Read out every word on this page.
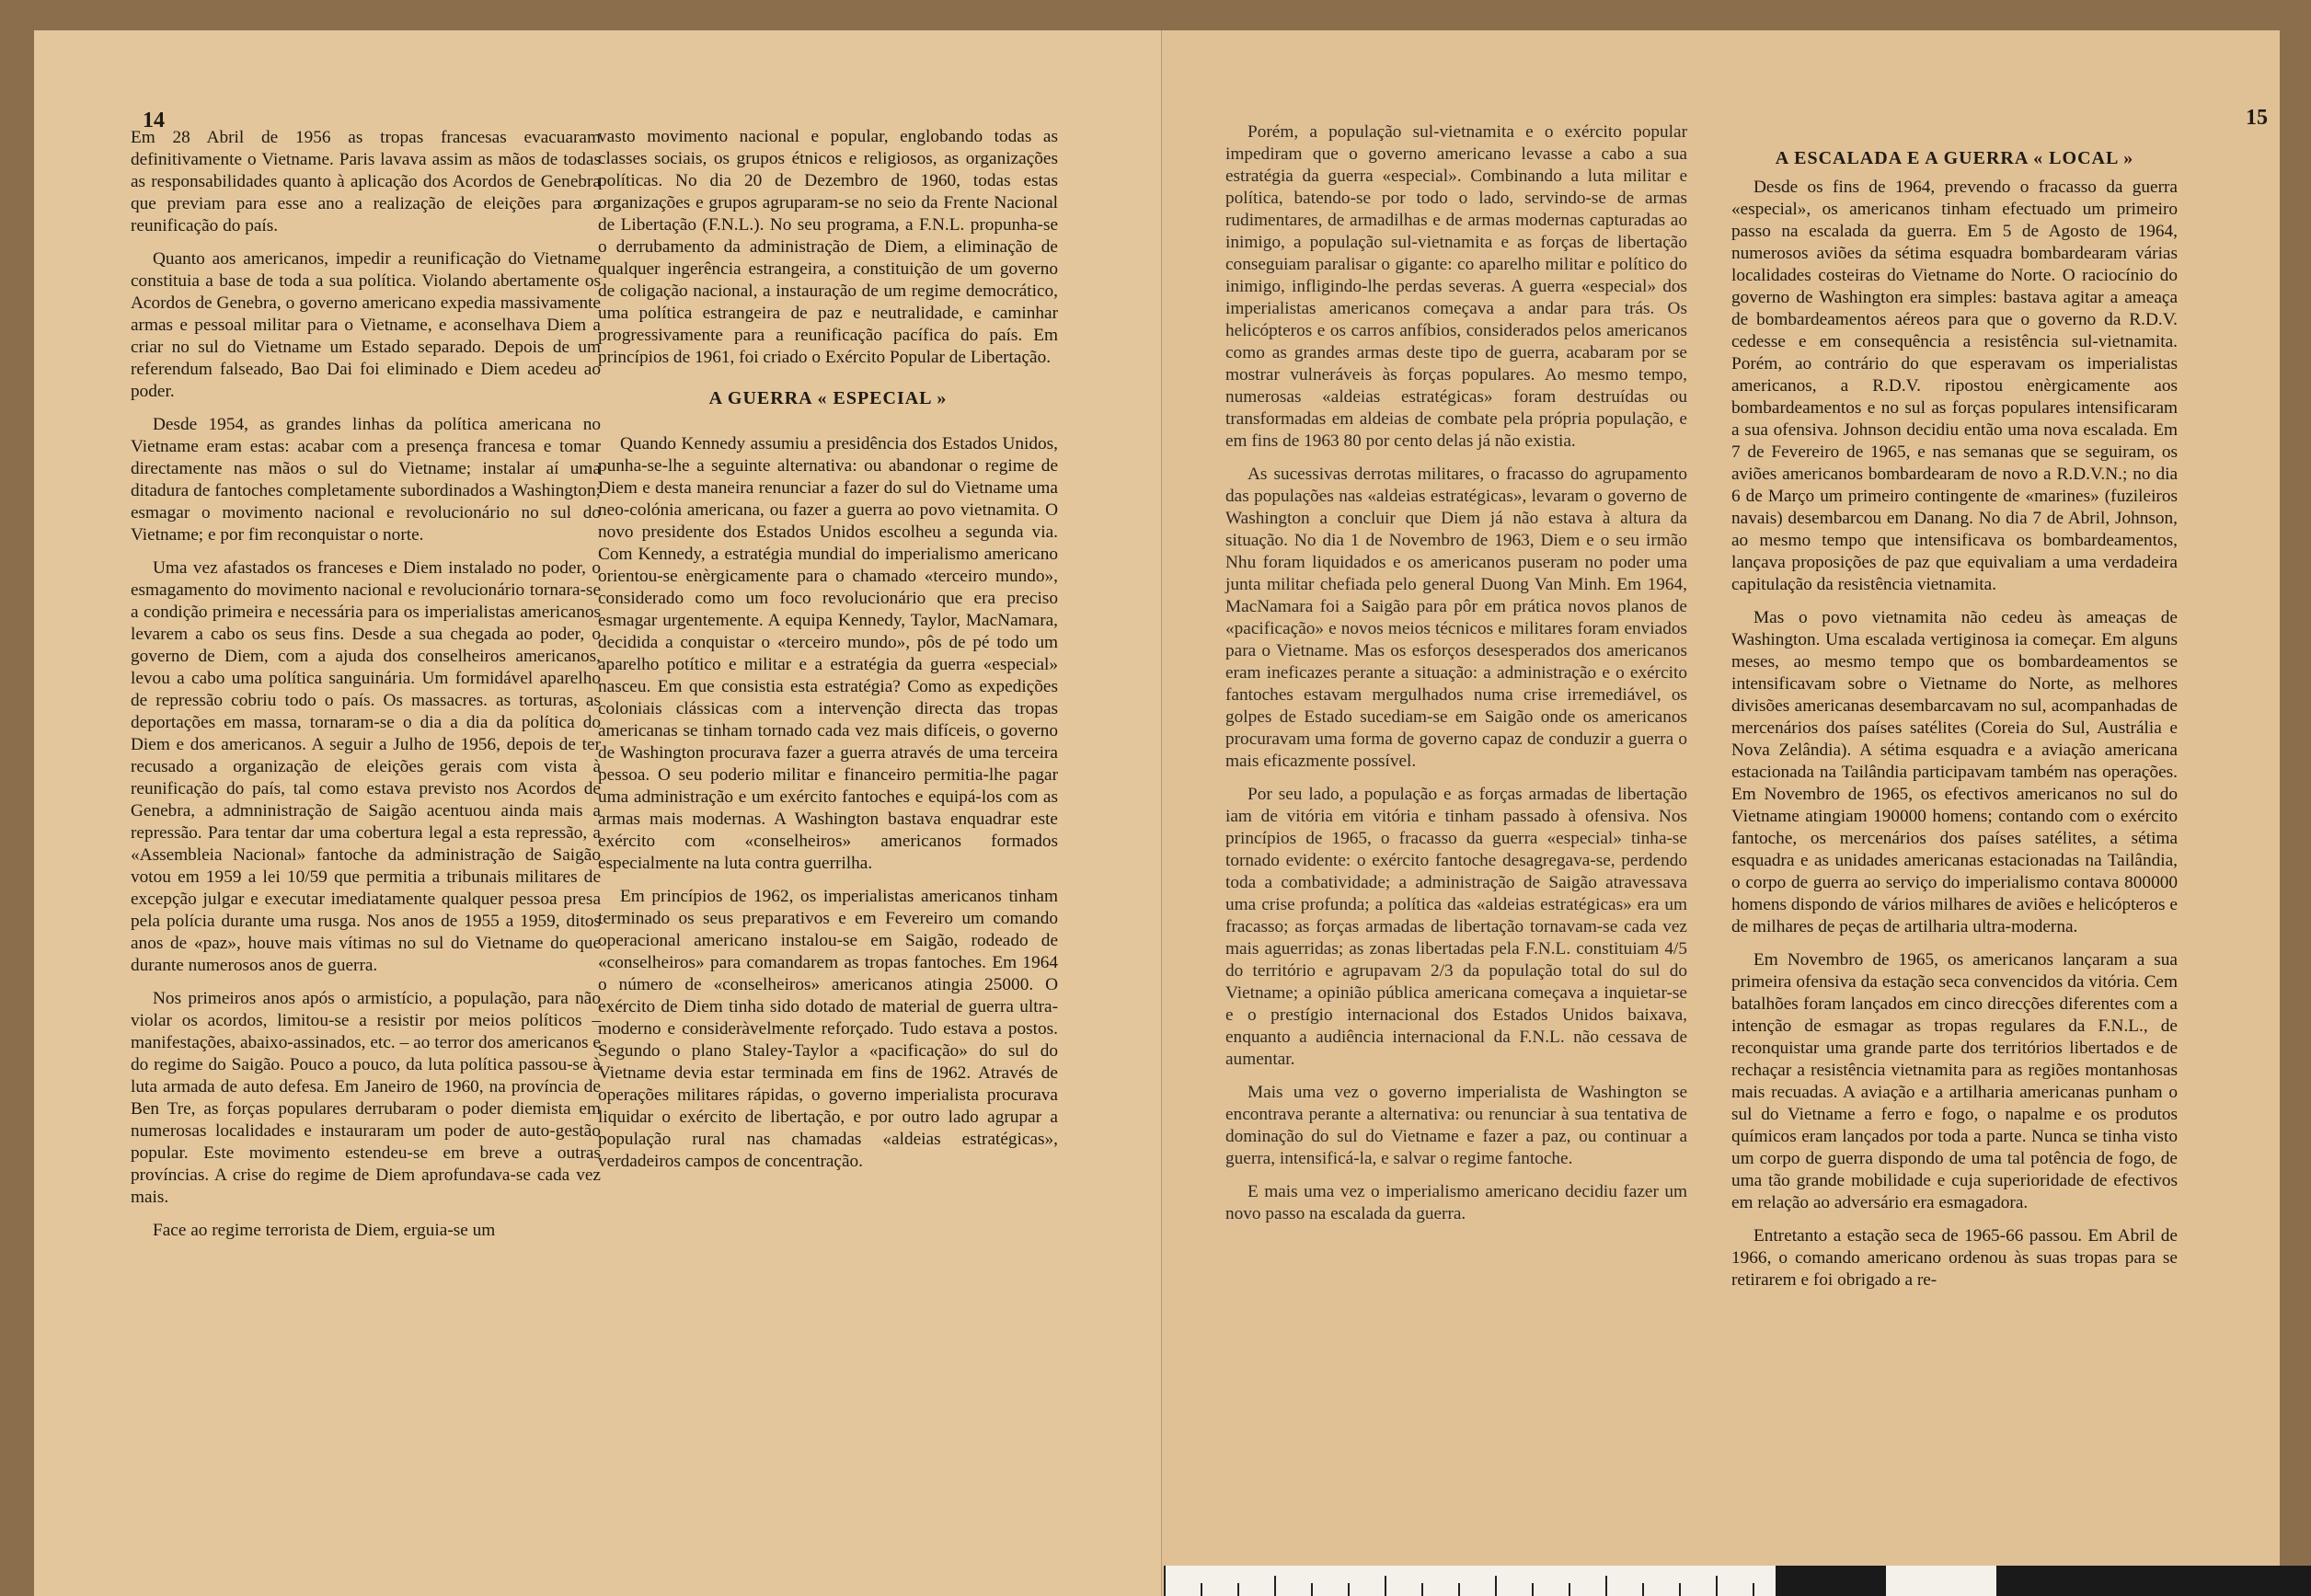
14	15

Em 28 Abril de 1956 as tropas francesas evacuaram definitivamente o Vietname. Paris lavava assim as mãos de todas as responsabilidades quanto à aplicação dos Acordos de Genebra que previam para esse ano a realização de eleições para a reunificação do país.

Quanto aos americanos, impedir a reunificação do Vietname constituia a base de toda a sua política. Violando abertamente os Acordos de Genebra, o governo americano expedia massivamente armas e pessoal militar para o Vietname, e aconselhava Diem a criar no sul do Vietname um Estado separado. Depois de um referendum falseado, Bao Dai foi eliminado e Diem acedeu ao poder.

Desde 1954, as grandes linhas da política americana no Vietname eram estas: acabar com a presença francesa e tomar directamente nas mãos o sul do Vietname; instalar aí uma ditadura de fantoches completamente subordinados a Washington; esmagar o movimento nacional e revolucionário no sul do Vietname; e por fim reconquistar o norte.

Uma vez afastados os franceses e Diem instalado no poder, o esmagamento do movimento nacional e revolucionário tornara-se a condição primeira e necessária para os imperialistas americanos levarem a cabo os seus fins. Desde a sua chegada ao poder, o governo de Diem, com a ajuda dos conselheiros americanos, levou a cabo uma política sanguinária. Um formidável aparelho de repressão cobriu todo o país. Os massacres. as torturas, as deportações em massa, tornaram-se o dia a dia da política do Diem e dos americanos. A seguir a Julho de 1956, depois de ter recusado a organização de eleições gerais com vista à reunificação do país, tal como estava previsto nos Acordos de Genebra, a admninistração de Saigão acentuou ainda mais a repressão. Para tentar dar uma cobertura legal a esta repressão, a «Assembleia Nacional» fantoche da administração de Saigão votou em 1959 a lei 10/59 que permitia a tribunais militares de excepção julgar e executar imediatamente qualquer pessoa presa pela polícia durante uma rusga. Nos anos de 1955 a 1959, ditos anos de «paz», houve mais vítimas no sul do Vietname do que durante numerosos anos de guerra.

Nos primeiros anos após o armistício, a população, para não violar os acordos, limitou-se a resistir por meios políticos – manifestações, abaixo-assinados, etc. – ao terror dos americanos e do regime do Saigão. Pouco a pouco, da luta política passou-se à luta armada de auto defesa. Em Janeiro de 1960, na província de Ben Tre, as forças populares derrubaram o poder diemista em numerosas localidades e instauraram um poder de auto-gestão popular. Este movimento estendeu-se em breve a outras províncias. A crise do regime de Diem aprofundava-se cada vez mais.

Face ao regime terrorista de Diem, erguia-se um

vasto movimento nacional e popular, englobando todas as classes sociais, os grupos étnicos e religiosos, as organizações políticas. No dia 20 de Dezembro de 1960, todas estas organizações e grupos agruparam-se no seio da Frente Nacional de Libertação (F.N.L.). No seu programa, a F.N.L. propunha-se o derrubamento da administração de Diem, a eliminação de qualquer ingerência estrangeira, a constituição de um governo de coligação nacional, a instauração de um regime democrático, uma política estrangeira de paz e neutralidade, e caminhar progressivamente para a reunificação pacífica do país. Em princípios de 1961, foi criado o Exército Popular de Libertação.

A GUERRA « ESPECIAL »

Quando Kennedy assumiu a presidência dos Estados Unidos, punha-se-lhe a seguinte alternativa: ou abandonar o regime de Diem e desta maneira renunciar a fazer do sul do Vietname uma neo-colónia americana, ou fazer a guerra ao povo vietnamita. O novo presidente dos Estados Unidos escolheu a segunda via. Com Kennedy, a estratégia mundial do imperialismo americano orientou-se enèrgicamente para o chamado «terceiro mundo», considerado como um foco revolucionário que era preciso esmagar urgentemente. A equipa Kennedy, Taylor, MacNamara, decidida a conquistar o «terceiro mundo», pôs de pé todo um aparelho potítico e militar e a estratégia da guerra «especial» nasceu. Em que consistia esta estratégia? Como as expedições coloniais clássicas com a intervenção directa das tropas americanas se tinham tornado cada vez mais difíceis, o governo de Washington procurava fazer a guerra através de uma terceira pessoa. O seu poderio militar e financeiro permitia-lhe pagar uma administração e um exército fantoches e equipá-los com as armas mais modernas. A Washington bastava enquadrar este exército com «conselheiros» americanos formados especialmente na luta contra guerrilha.

Em princípios de 1962, os imperialistas americanos tinham terminado os seus preparativos e em Fevereiro um comando operacional americano instalou-se em Saigão, rodeado de «conselheiros» para comandarem as tropas fantoches. Em 1964 o número de «conselheiros» americanos atingia 25000. O exército de Diem tinha sido dotado de material de guerra ultra-moderno e consideràvelmente reforçado. Tudo estava a postos. Segundo o plano Staley-Taylor a «pacificação» do sul do Vietname devia estar terminada em fins de 1962. Através de operações militares rápidas, o governo imperialista procurava liquidar o exército de libertação, e por outro lado agrupar a população rural nas chamadas «aldeias estratégicas», verdadeiros campos de concentração.

Porém, a população sul-vietnamita e o exército popular impediram que o governo americano levasse a cabo a sua estratégia da guerra «especial». Combinando a luta militar e política, batendo-se por todo o lado, servindo-se de armas rudimentares, de armadilhas e de armas modernas capturadas ao inimigo, a população sul-vietnamita e as forças de libertação conseguiam paralisar o gigante: co aparelho militar e político do inimigo, infligindo-lhe perdas severas. A guerra «especial» dos imperialistas americanos começava a andar para trás. Os helicópteros e os carros anfíbios, considerados pelos americanos como as grandes armas deste tipo de guerra, acabaram por se mostrar vulneráveis às forças populares. Ao mesmo tempo, numerosas «aldeias estratégicas» foram destruídas ou transformadas em aldeias de combate pela própria população, e em fins de 1963 80 por cento delas já não existia.

As sucessivas derrotas militares, o fracasso do agrupamento das populações nas «aldeias estratégicas», levaram o governo de Washington a concluir que Diem já não estava à altura da situação. No dia 1 de Novembro de 1963, Diem e o seu irmão Nhu foram liquidados e os americanos puseram no poder uma junta militar chefiada pelo general Duong Van Minh. Em 1964, MacNamara foi a Saigão para pôr em prática novos planos de «pacificação» e novos meios técnicos e militares foram enviados para o Vietname. Mas os esforços desesperados dos americanos eram ineficazes perante a situação: a administração e o exército fantoches estavam mergulhados numa crise irremediável, os golpes de Estado sucediam-se em Saigão onde os americanos procuravam uma forma de governo capaz de conduzir a guerra o mais eficazmente possível.

Por seu lado, a população e as forças armadas de libertação iam de vitória em vitória e tinham passado à ofensiva. Nos princípios de 1965, o fracasso da guerra «especial» tinha-se tornado evidente: o exército fantoche desagregava-se, perdendo toda a combatividade; a administração de Saigão atravessava uma crise profunda; a política das «aldeias estratégicas» era um fracasso; as forças armadas de libertação tornavam-se cada vez mais aguerridas; as zonas libertadas pela F.N.L. constituiam 4/5 do território e agrupavam 2/3 da população total do sul do Vietname; a opinião pública americana começava a inquietar-se e o prestígio internacional dos Estados Unidos baixava, enquanto a audiência internacional da F.N.L. não cessava de aumentar.

Mais uma vez o governo imperialista de Washington se encontrava perante a alternativa: ou renunciar à sua tentativa de dominação do sul do Vietname e fazer a paz, ou continuar a guerra, intensificá-la, e salvar o regime fantoche.

E mais uma vez o imperialismo americano decidiu fazer um novo passo na escalada da guerra.

A ESCALADA E A GUERRA « LOCAL »

Desde os fins de 1964, prevendo o fracasso da guerra «especial», os americanos tinham efectuado um primeiro passo na escalada da guerra. Em 5 de Agosto de 1964, numerosos aviões da sétima esquadra bombardearam várias localidades costeiras do Vietname do Norte. O raciocínio do governo de Washington era simples: bastava agitar a ameaça de bombardeamentos aéreos para que o governo da R.D.V. cedesse e em consequência a resistência sul-vietnamita. Porém, ao contrário do que esperavam os imperialistas americanos, a R.D.V. ripostou enèrgicamente aos bombardeamentos e no sul as forças populares intensificaram a sua ofensiva. Johnson decidiu então uma nova escalada. Em 7 de Fevereiro de 1965, e nas semanas que se seguiram, os aviões americanos bombardearam de novo a R.D.V.N.; no dia 6 de Março um primeiro contingente de «marines» (fuzileiros navais) desembarcou em Danang. No dia 7 de Abril, Johnson, ao mesmo tempo que intensificava os bombardeamentos, lançava proposições de paz que equivaliam a uma verdadeira capitulação da resistência vietnamita.

Mas o povo vietnamita não cedeu às ameaças de Washington. Uma escalada vertiginosa ia começar. Em alguns meses, ao mesmo tempo que os bombardeamentos se intensificavam sobre o Vietname do Norte, as melhores divisões americanas desembarcavam no sul, acompanhadas de mercenários dos países satélites (Coreia do Sul, Austrália e Nova Zelândia). A sétima esquadra e a aviação americana estacionada na Tailândia participavam também nas operações. Em Novembro de 1965, os efectivos americanos no sul do Vietname atingiam 190000 homens; contando com o exército fantoche, os mercenários dos países satélites, a sétima esquadra e as unidades americanas estacionadas na Tailândia, o corpo de guerra ao serviço do imperialismo contava 800000 homens dispondo de vários milhares de aviões e helicópteros e de milhares de peças de artilharia ultra-moderna.

Em Novembro de 1965, os americanos lançaram a sua primeira ofensiva da estação seca convencidos da vitória. Cem batalhões foram lançados em cinco direcções diferentes com a intenção de esmagar as tropas regulares da F.N.L., de reconquistar uma grande parte dos territórios libertados e de rechaçar a resistência vietnamita para as regiões montanhosas mais recuadas. A aviação e a artilharia americanas punham o sul do Vietname a ferro e fogo, o napalme e os produtos químicos eram lançados por toda a parte. Nunca se tinha visto um corpo de guerra dispondo de uma tal potência de fogo, de uma tão grande mobilidade e cuja superioridade de efectivos em relação ao adversário era esmagadora.

Entretanto a estação seca de 1965-66 passou. Em Abril de 1966, o comando americano ordenou às suas tropas para se retirarem e foi obrigado a re-
